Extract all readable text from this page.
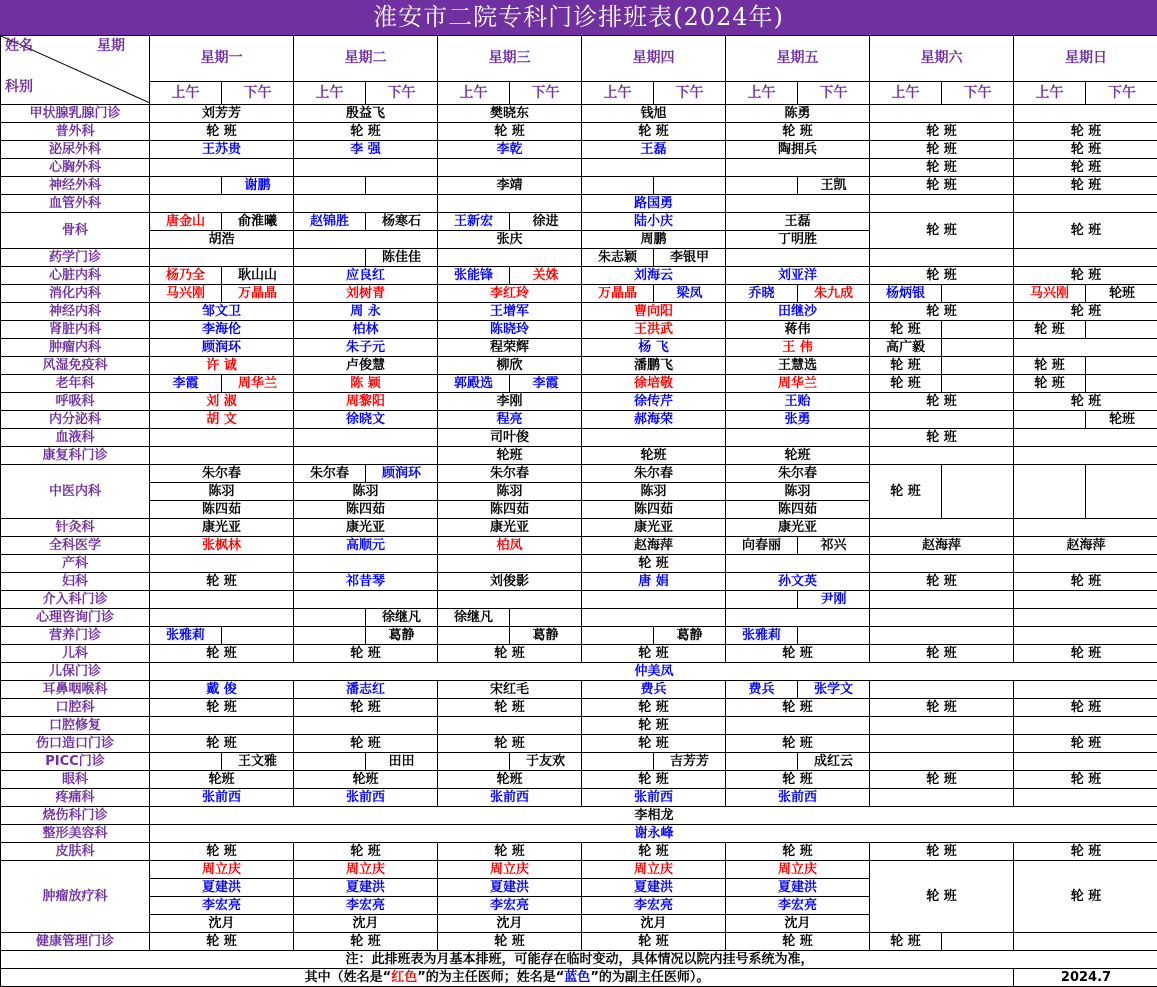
淮安市二院专科门诊排班表(2024年)
姓名 星期
科别	星期一		星期二		星期三		星期四		星期五		星期六		星期日	
	上午	下午	上午	下午	上午	下午	上午	下午	上午	下午	上午	下午	上午	下午
甲状腺乳腺门诊	刘芳芳		殷益飞		樊晓东		钱旭		陈勇					
普外科	轮 班		轮 班		轮 班		轮 班		轮 班		轮 班		轮 班	
泌尿外科	王苏贵		李 强		李乾		王磊		陶拥兵		轮 班		轮 班	
心胸外科											轮 班		轮 班	
神经外科		谢鹏			李靖					王凯	轮 班		轮 班	
血管外科							路国勇							
骨科	唐金山	俞淮曦	赵锦胜	杨寒石	王新宏	徐进	陆小庆		王磊		轮 班		轮 班	
	胡浩				张庆		周鹏		丁明胜					
药学门诊				陈佳佳			朱志颖	李银甲						
心脏内科	杨乃全	耿山山	应良红		张能锋	关姝	刘海云		刘亚洋		轮 班		轮 班	
消化内科	马兴刚	万晶晶	刘树青		李红玲		万晶晶	梁凤	乔晓	朱九成	杨炳银		马兴刚	轮班
神经内科	邹文卫		周 永		王增军		曹向阳		田继沙		轮 班		轮 班	
肾脏内科	李海伦		柏林		陈晓玲		王洪武		蒋伟		轮 班		轮 班	
肿瘤内科	顾润环		朱子元		程荣辉		杨 飞		王 伟		高广毅			
风湿免疫科	许 诚		卢俊慧		柳欣		潘鹏飞		王慧选		轮 班		轮 班	
老年科	李霞	周华兰	陈 颖		郭殿选	李霞	徐培敬		周华兰		轮 班		轮 班	
呼吸科	刘 淑		周黎阳		李刚		徐传芹		王贻		轮 班		轮 班	
内分泌科	胡 文		徐晓文		程亮		郝海荣		张勇					轮班
血液科					司叶俊						轮 班			
康复科门诊					轮班		轮班		轮班					
中医内科	朱尔春		朱尔春	顾润环	朱尔春		朱尔春		朱尔春		轮 班			
	陈羽		陈羽		陈羽		陈羽		陈羽					
	陈四茹		陈四茹		陈四茹		陈四茹		陈四茹					
针灸科	康光亚		康光亚		康光亚		康光亚		康光亚					
全科医学	张枫林		高顺元		柏凤		赵海萍		向春丽	祁兴	赵海萍		赵海萍	
产科							轮 班							
妇科	轮 班		祁昔琴		刘俊影		唐 娟		孙文英		轮 班		轮 班	
介入科门诊										尹刚				
心理咨询门诊				徐继凡	徐继凡									
营养门诊	张雅莉			葛静		葛静		葛静	张雅莉					
儿科	轮 班		轮 班		轮 班		轮 班		轮 班		轮 班		轮 班	
儿保门诊	仲美凤													
耳鼻咽喉科	戴 俊		潘志红		宋红毛		费兵		费兵	张学文				
口腔科	轮 班		轮 班		轮 班		轮 班		轮 班		轮 班		轮 班	
口腔修复							轮 班							
伤口造口门诊	轮 班		轮 班		轮 班		轮 班		轮 班				轮 班	
PICC门诊		王文雅		田田		于友欢		吉芳芳		成红云				
眼科	轮班		轮班		轮班		轮 班		轮 班		轮 班		轮 班	
疼痛科	张前西		张前西		张前西		张前西		张前西					
烧伤科门诊	李相龙													
整形美容科	谢永峰													
皮肤科	轮 班		轮 班		轮 班		轮 班		轮 班		轮 班		轮 班	
肿瘤放疗科	周立庆		周立庆		周立庆		周立庆		周立庆		轮 班		轮 班	
	夏建洪		夏建洪		夏建洪		夏建洪		夏建洪					
	李宏亮		李宏亮		李宏亮		李宏亮		李宏亮					
	沈月		沈月		沈月		沈月		沈月					
健康管理门诊	轮 班		轮 班		轮 班		轮 班		轮 班		轮 班			
注：此排班表为月基本排班，可能存在临时变动，具体情况以院内挂号系统为准，														
其中（姓名是“红色”的为主任医师；姓名是“蓝色”的为副主任医师）。													2024.7	
